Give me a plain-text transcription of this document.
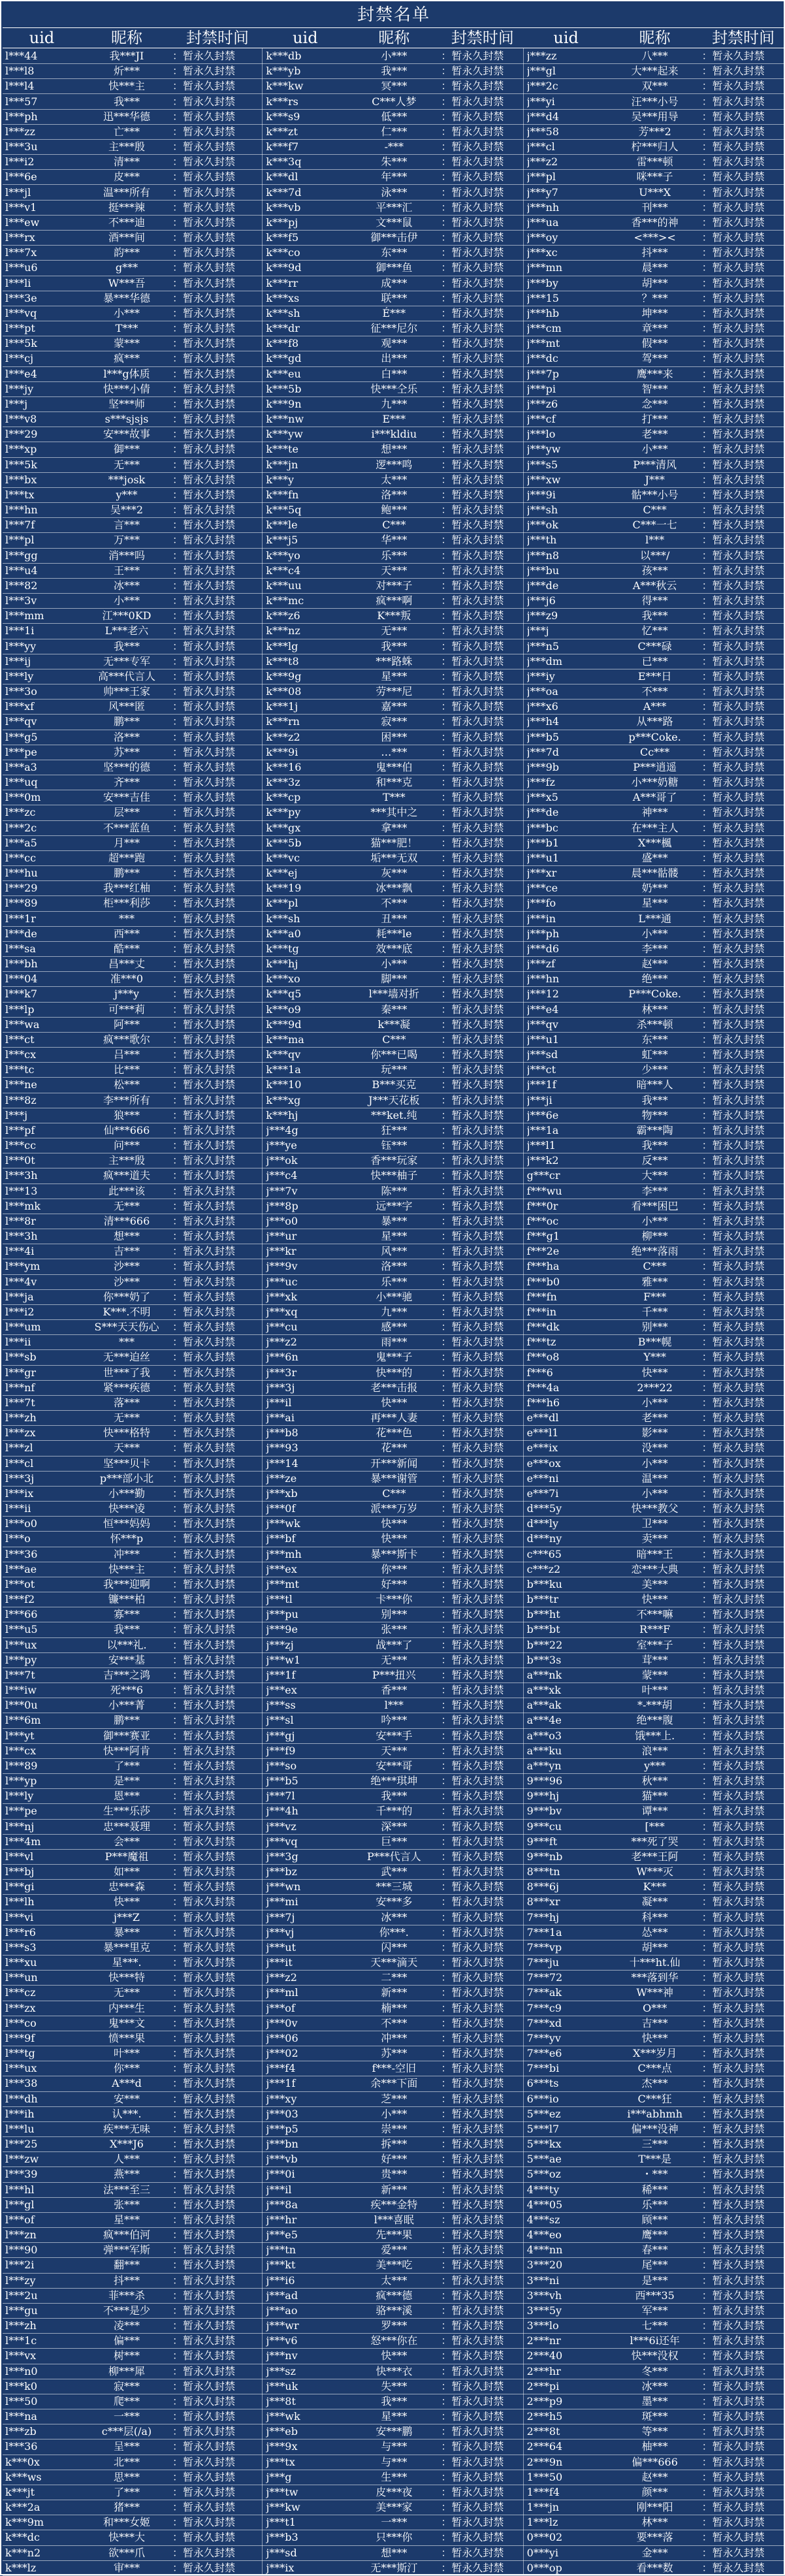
封禁名单
uid	昵称	封禁时间	uid	昵称	封禁时间	uid	昵称	封禁时间
l***44	我***JI	：暂永久封禁	k***db	小***	：暂永久封禁	j***zz	八***	：暂永久封禁
l***l8	炘***	：暂永久封禁	k***yb	我***	：暂永久封禁	j***gl	大***起来	：暂永久封禁
l***l4	快***主	：暂永久封禁	k***kw	冥***	：暂永久封禁	j***2c	双***	：暂永久封禁
l***57	我***	：暂永久封禁	k***rs	C***人梦	：暂永久封禁	j***yi	汪***小号	：暂永久封禁
l***ph	迅***华德	：暂永久封禁	k***s9	低***	：暂永久封禁	j***d4	吴***用导	：暂永久封禁
l***zz	亡***	：暂永久封禁	k***zt	仁***	：暂永久封禁	j***58	芳***2	：暂永久封禁
l***3u	主***殷	：暂永久封禁	k***f7	-***	：暂永久封禁	j***cl	柠***归人	：暂永久封禁
l***i2	清***	：暂永久封禁	k***3q	朱***	：暂永久封禁	j***z2	雷***顿	：暂永久封禁
l***6e	皮***	：暂永久封禁	k***dl	年***	：暂永久封禁	j***pl	咪***子	：暂永久封禁
l***jl	温***所有	：暂永久封禁	k***7d	泳***	：暂永久封禁	j***y7	U***X	：暂永久封禁
l***v1	挺***辣	：暂永久封禁	k***vb	平***汇	：暂永久封禁	j***nh	刊***	：暂永久封禁
l***ew	不***迪	：暂永久封禁	k***pj	文***鼠	：暂永久封禁	j***ua	香***的神	：暂永久封禁
l***rx	酒***间	：暂永久封禁	k***f5	御***击伊	：暂永久封禁	j***oy	<***><	：暂永久封禁
l***7x	韵***	：暂永久封禁	k***co	东***	：暂永久封禁	j***xc	抖***	：暂永久封禁
l***u6	g***	：暂永久封禁	k***9d	御***鱼	：暂永久封禁	j***mn	晨***	：暂永久封禁
l***li	W***吾	：暂永久封禁	k***rr	成***	：暂永久封禁	j***by	胡***	：暂永久封禁
l***3e	暴***华德	：暂永久封禁	k***xs	联***	：暂永久封禁	j***15	？***	：暂永久封禁
l***vq	小***	：暂永久封禁	k***sh	É***	：暂永久封禁	j***hb	坤***	：暂永久封禁
l***pt	T***	：暂永久封禁	k***dr	征***尼尔	：暂永久封禁	j***cm	章***	：暂永久封禁
l***5k	蒙***	：暂永久封禁	k***f8	观***	：暂永久封禁	j***mt	假***	：暂永久封禁
l***cj	疯***	：暂永久封禁	k***gd	出***	：暂永久封禁	j***dc	驾***	：暂永久封禁
l***e4	l***g体质	：暂永久封禁	k***eu	白***	：暂永久封禁	j***7p	鹰***来	：暂永久封禁
l***jy	快***小倩	：暂永久封禁	k***5b	快***仝乐	：暂永久封禁	j***pi	智***	：暂永久封禁
l***j	坚***师	：暂永久封禁	k***9n	九***	：暂永久封禁	j***z6	念***	：暂永久封禁
l***v8	s***sjsjs	：暂永久封禁	k***nw	E***	：暂永久封禁	j***cf	打***	：暂永久封禁
l***29	安***故事	：暂永久封禁	k***yw	i***kldiu	：暂永久封禁	j***lo	老***	：暂永久封禁
l***xp	御***	：暂永久封禁	k***te	想***	：暂永久封禁	j***yw	小***	：暂永久封禁
l***5k	无***	：暂永久封禁	k***jn	逻***鸣	：暂永久封禁	j***s5	P***清风	：暂永久封禁
l***bx	***josk	：暂永久封禁	k***y	太***	：暂永久封禁	j***xw	J***	：暂永久封禁
l***tx	y***	：暂永久封禁	k***fn	洛***	：暂永久封禁	j***9i	骷***小号	：暂永久封禁
l***hn	吴***2	：暂永久封禁	k***5q	鲍***	：暂永久封禁	j***sh	C***	：暂永久封禁
l***7f	言***	：暂永久封禁	k***le	C***	：暂永久封禁	j***ok	C***一七	：暂永久封禁
l***pl	万***	：暂永久封禁	k***j5	华***	：暂永久封禁	j***th	l***	：暂永久封禁
l***gg	消***吗	：暂永久封禁	k***yo	乐***	：暂永久封禁	j***n8	以***/	：暂永久封禁
l***u4	王***	：暂永久封禁	k***c4	天***	：暂永久封禁	j***bu	孩***	：暂永久封禁
l***82	冰***	：暂永久封禁	k***uu	对***子	：暂永久封禁	j***de	A***秋云	：暂永久封禁
l***3v	小***	：暂永久封禁	k***mc	疯***啊	：暂永久封禁	j***j6	得***	：暂永久封禁
l***mm	江***0KD	：暂永久封禁	k***z6	K***叛	：暂永久封禁	j***z9	我***	：暂永久封禁
l***1i	L***老六	：暂永久封禁	k***nz	无***	：暂永久封禁	j***j	忆***	：暂永久封禁
l***yy	我***	：暂永久封禁	k***lg	我***	：暂永久封禁	j***n5	C***碌	：暂永久封禁
l***ij	无***专军	：暂永久封禁	k***t8	***路蛛	：暂永久封禁	j***dm	已***	：暂永久封禁
l***ly	高***代言人	：暂永久封禁	k***9g	星***	：暂永久封禁	j***iy	E***日	：暂永久封禁
l***3o	帅***王家	：暂永久封禁	k***08	劳***尼	：暂永久封禁	j***oa	不***	：暂永久封禁
l***xf	风***匿	：暂永久封禁	k***1j	嘉***	：暂永久封禁	j***x6	A***	：暂永久封禁
l***qv	鹏***	：暂永久封禁	k***rn	寂***	：暂永久封禁	j***h4	从***路	：暂永久封禁
l***g5	洛***	：暂永久封禁	k***z2	困***	：暂永久封禁	j***b5	p***Coke.	：暂永久封禁
l***pe	苏***	：暂永久封禁	k***9i	…***	：暂永久封禁	j***7d	Cc***	：暂永久封禁
l***a3	坚***的德	：暂永久封禁	k***16	鬼***伯	：暂永久封禁	j***9b	P***逍遥	：暂永久封禁
l***uq	齐***	：暂永久封禁	k***3z	和***克	：暂永久封禁	j***fz	小***奶糖	：暂永久封禁
l***0m	安***吉佳	：暂永久封禁	k***cp	T***	：暂永久封禁	j***x5	A***哥了	：暂永久封禁
l***zc	层***	：暂永久封禁	k***py	***其中之	：暂永久封禁	j***de	神***	：暂永久封禁
l***2c	不***蓝鱼	：暂永久封禁	k***gx	拿***	：暂永久封禁	j***bc	在***主人	：暂永久封禁
l***a5	月***	：暂永久封禁	k***5b	猫***肥！	：暂永久封禁	j***b1	X***楓	：暂永久封禁
l***cc	超***跑	：暂永久封禁	k***vc	垢***无双	：暂永久封禁	j***u1	盛***	：暂永久封禁
l***hu	鹏***	：暂永久封禁	k***ej	灰***	：暂永久封禁	j***xr	晨***骷髅	：暂永久封禁
l***29	我***红柚	：暂永久封禁	k***19	冰***飘	：暂永久封禁	j***ce	奶***	：暂永久封禁
l***89	柜***利莎	：暂永久封禁	k***pl	不***	：暂永久封禁	j***fo	星***	：暂永久封禁
l***1r	***	：暂永久封禁	k***sh	丑***	：暂永久封禁	j***in	L***通	：暂永久封禁
l***de	西***	：暂永久封禁	k***a0	耗***le	：暂永久封禁	j***ph	小***	：暂永久封禁
l***sa	酷***	：暂永久封禁	k***tg	效***底	：暂永久封禁	j***d6	李***	：暂永久封禁
l***bh	昌***丈	：暂永久封禁	k***hj	小***	：暂永久封禁	j***zf	赵***	：暂永久封禁
l***04	准***0	：暂永久封禁	k***xo	脚***	：暂永久封禁	j***hn	绝***	：暂永久封禁
l***k7	j***y	：暂永久封禁	k***q5	l***墙对折	：暂永久封禁	j***12	P***Coke.	：暂永久封禁
l***lp	可***莉	：暂永久封禁	k***o9	秦***	：暂永久封禁	j***e4	林***	：暂永久封禁
l***wa	阿***	：暂永久封禁	k***9d	k***凝	：暂永久封禁	j***qv	杀***顿	：暂永久封禁
l***ct	疯***歌尔	：暂永久封禁	k***ma	C***	：暂永久封禁	j***u1	东***	：暂永久封禁
l***cx	吕***	：暂永久封禁	k***qv	你***已喝	：暂永久封禁	j***sd	虹***	：暂永久封禁
l***tc	比***	：暂永久封禁	k***1a	玩***	：暂永久封禁	j***ct	少***	：暂永久封禁
l***ne	松***	：暂永久封禁	k***10	B***买克	：暂永久封禁	j***1f	暗***人	：暂永久封禁
l***8z	李***所有	：暂永久封禁	k***xg	J***天花板	：暂永久封禁	j***ji	我***	：暂永久封禁
l***j	狼***	：暂永久封禁	k***hj	***ket.纯	：暂永久封禁	j***6e	物***	：暂永久封禁
l***pf	仙***666	：暂永久封禁	j***4g	狂***	：暂永久封禁	j***1a	霸***陶	：暂永久封禁
l***cc	问***	：暂永久封禁	j***ye	钰***	：暂永久封禁	j***l1	我***	：暂永久封禁
l***0t	主***殷	：暂永久封禁	j***ok	香***玩家	：暂永久封禁	j***k2	反***	：暂永久封禁
l***3h	疯***道夫	：暂永久封禁	j***c4	快***柚子	：暂永久封禁	g***cr	大***	：暂永久封禁
l***13	此***该	：暂永久封禁	j***7v	陈***	：暂永久封禁	f***wu	李***	：暂永久封禁
l***mk	无***	：暂永久封禁	j***8p	远***字	：暂永久封禁	f***0r	看***困巴	：暂永久封禁
l***8r	清***666	：暂永久封禁	j***o0	暴***	：暂永久封禁	f***oc	小***	：暂永久封禁
l***3h	想***	：暂永久封禁	j***ur	星***	：暂永久封禁	f***g1	柳***	：暂永久封禁
l***4i	吉***	：暂永久封禁	j***kr	风***	：暂永久封禁	f***2e	绝***落雨	：暂永久封禁
l***ym	沙***	：暂永久封禁	j***9v	洛***	：暂永久封禁	f***ha	C***	：暂永久封禁
l***4v	沙***	：暂永久封禁	j***uc	乐***	：暂永久封禁	f***b0	雅***	：暂永久封禁
l***ja	你***奶了	：暂永久封禁	j***xk	小***驰	：暂永久封禁	f***fn	F***	：暂永久封禁
l***i2	K***.不明	：暂永久封禁	j***xq	九***	：暂永久封禁	f***in	千***	：暂永久封禁
l***um	S***天天伤心	：暂永久封禁	j***cu	感***	：暂永久封禁	f***dk	别***	：暂永久封禁
l***ii	***	：暂永久封禁	j***z2	雨***	：暂永久封禁	f***tz	B***幌	：暂永久封禁
l***sb	无***迫丝	：暂永久封禁	j***6n	鬼***子	：暂永久封禁	f***o8	Y***	：暂永久封禁
l***gr	世***了我	：暂永久封禁	j***3r	快***的	：暂永久封禁	f***6	快***	：暂永久封禁
l***nf	紧***疾德	：暂永久封禁	j***3j	老***击报	：暂永久封禁	f***4a	2***22	：暂永久封禁
l***7t	落***	：暂永久封禁	j***il	快***	：暂永久封禁	f***h6	小***	：暂永久封禁
l***zh	无***	：暂永久封禁	j***ai	再***人妻	：暂永久封禁	e***dl	老***	：暂永久封禁
l***zx	快***格特	：暂永久封禁	j***b8	花***色	：暂永久封禁	e***l1	影***	：暂永久封禁
l***zl	天***	：暂永久封禁	j***93	花***	：暂永久封禁	e***ix	没***	：暂永久封禁
l***cl	坚***贝卡	：暂永久封禁	j***14	开***新闻	：暂永久封禁	e***ox	小***	：暂永久封禁
l***3j	p***部小北	：暂永久封禁	j***ze	暴***谢管	：暂永久封禁	e***ni	温***	：暂永久封禁
l***ix	小***勤	：暂永久封禁	j***xb	C***	：暂永久封禁	e***7i	小***	：暂永久封禁
l***ii	快***凌	：暂永久封禁	j***0f	派***万岁	：暂永久封禁	d***5y	快***教父	：暂永久封禁
l***o0	恒***妈妈	：暂永久封禁	j***wk	快***	：暂永久封禁	d***ly	卫***	：暂永久封禁
l***o	怀***p	：暂永久封禁	j***bf	快***	：暂永久封禁	d***ny	卖***	：暂永久封禁
l***36	冲***	：暂永久封禁	j***mh	暴***斯卡	：暂永久封禁	c***65	暗***王	：暂永久封禁
l***ae	快***主	：暂永久封禁	j***ex	你***	：暂永久封禁	c***z2	恋***大典	：暂永久封禁
l***ot	我***迎啊	：暂永久封禁	j***mt	好***	：暂永久封禁	b***ku	美***	：暂永久封禁
l***f2	镰***柏	：暂永久封禁	j***tl	卡***你	：暂永久封禁	b***tr	快***	：暂永久封禁
l***66	寡***	：暂永久封禁	j***pu	别***	：暂永久封禁	b***ht	不***嘛	：暂永久封禁
l***u5	我***	：暂永久封禁	j***9e	张***	：暂永久封禁	b***bt	R***F	：暂永久封禁
l***ux	以***礼.	：暂永久封禁	j***zj	战***了	：暂永久封禁	b***22	室***子	：暂永久封禁
l***py	安***基	：暂永久封禁	j***w1	无***	：暂永久封禁	b***3s	茸***	：暂永久封禁
l***7t	吉***之鸿	：暂永久封禁	j***1f	P***扭兴	：暂永久封禁	a***nk	蒙***	：暂永久封禁
l***iw	死***6	：暂永久封禁	j***ex	香***	：暂永久封禁	a***xk	叶***	：暂永久封禁
l***0u	小***菁	：暂永久封禁	j***ss	l***	：暂永久封禁	a***ak	*-***胡	：暂永久封禁
l***6m	鹏***	：暂永久封禁	j***sl	吟***	：暂永久封禁	a***4e	绝***腹	：暂永久封禁
l***yt	御***赛亚	：暂永久封禁	j***gj	安***手	：暂永久封禁	a***o3	饿***上.	：暂永久封禁
l***cx	快***阿肯	：暂永久封禁	j***f9	天***	：暂永久封禁	a***ku	浪***	：暂永久封禁
l***89	了***	：暂永久封禁	j***so	安***哥	：暂永久封禁	a***yn	y***	：暂永久封禁
l***yp	是***	：暂永久封禁	j***b5	绝***琪坤	：暂永久封禁	9***96	秋***	：暂永久封禁
l***ly	恩***	：暂永久封禁	j***7l	我***	：暂永久封禁	9***hj	猫***	：暂永久封禁
l***pe	生***乐莎	：暂永久封禁	j***4h	千***的	：暂永久封禁	9***bv	谭***	：暂永久封禁
l***nj	忠***聂理	：暂永久封禁	j***vz	深***	：暂永久封禁	9***cu	[***	：暂永久封禁
l***4m	会***	：暂永久封禁	j***vq	巨***	：暂永久封禁	9***ft	***死了哭	：暂永久封禁
l***vl	P***魔祖	：暂永久封禁	j***3g	P***代言人	：暂永久封禁	9***nb	老***王阿	：暂永久封禁
l***bj	如***	：暂永久封禁	j***bz	武***	：暂永久封禁	8***tn	W***灭	：暂永久封禁
l***gi	忠***森	：暂永久封禁	j***wn	***三城	：暂永久封禁	8***6j	K***	：暂永久封禁
l***lh	快***	：暂永久封禁	j***mi	安***多	：暂永久封禁	8***xr	凝***	：暂永久封禁
l***vi	j***Z	：暂永久封禁	j***7j	冰***	：暂永久封禁	7***hj	科***	：暂永久封禁
l***r6	暴***	：暂永久封禁	j***vj	你***.	：暂永久封禁	7***1a	怂***	：暂永久封禁
l***s3	暴***里克	：暂永久封禁	j***ut	闪***	：暂永久封禁	7***vp	胡***	：暂永久封禁
l***xu	星***.	：暂永久封禁	j***it	天***滴天	：暂永久封禁	7***ju	十***ht.仙	：暂永久封禁
l***un	快***特	：暂永久封禁	j***z2	二***	：暂永久封禁	7***72	***落到华	：暂永久封禁
l***cz	无***	：暂永久封禁	j***ml	新***	：暂永久封禁	7***ak	W***神	：暂永久封禁
l***zx	内***生	：暂永久封禁	j***of	楠***	：暂永久封禁	7***c9	O***	：暂永久封禁
l***co	鬼***文	：暂永久封禁	j***0v	不***	：暂永久封禁	7***xd	吉***	：暂永久封禁
l***9f	愤***果	：暂永久封禁	j***06	冲***	：暂永久封禁	7***yv	快***	：暂永久封禁
l***tg	叶***	：暂永久封禁	j***02	苏***	：暂永久封禁	7***e6	X***岁月	：暂永久封禁
l***ux	你***	：暂永久封禁	j***f4	f***-空旧	：暂永久封禁	7***bi	C***点	：暂永久封禁
l***38	A***d	：暂永久封禁	j***1f	余***下面	：暂永久封禁	6***ts	杰***	：暂永久封禁
l***dh	安***	：暂永久封禁	j***xy	芝***	：暂永久封禁	6***io	C***狂	：暂永久封禁
l***ih	认***.	：暂永久封禁	j***03	小***	：暂永久封禁	5***ez	i***abhmh	：暂永久封禁
l***lu	疾***无味	：暂永久封禁	j***p5	崇***	：暂永久封禁	5***l7	偏***没神	：暂永久封禁
l***25	X***J6	：暂永久封禁	j***bn	拆***	：暂永久封禁	5***kx	三***	：暂永久封禁
l***zw	人***	：暂永久封禁	j***vb	好***	：暂永久封禁	5***ae	T***是	：暂永久封禁
l***39	燕***	：暂永久封禁	j***0i	贵***	：暂永久封禁	5***oz	・***	：暂永久封禁
l***hl	法***至三	：暂永久封禁	j***il	新***	：暂永久封禁	4***ty	稀***	：暂永久封禁
l***gl	张***	：暂永久封禁	j***8a	疾***金特	：暂永久封禁	4***05	乐***	：暂永久封禁
l***of	星***	：暂永久封禁	j***hr	l***喜眠	：暂永久封禁	4***sz	顾***	：暂永久封禁
l***zn	疯***伯河	：暂永久封禁	j***e5	先***果	：暂永久封禁	4***eo	鹰***	：暂永久封禁
l***90	弹***军斯	：暂永久封禁	j***tn	爱***	：暂永久封禁	4***nn	春***	：暂永久封禁
l***2i	翻***	：暂永久封禁	j***kt	美***吃	：暂永久封禁	3***20	尾***	：暂永久封禁
l***zy	抖***	：暂永久封禁	j***i6	太***	：暂永久封禁	3***ni	是***	：暂永久封禁
l***2u	菲***杀	：暂永久封禁	j***ad	疯***德	：暂永久封禁	3***vh	西***35	：暂永久封禁
l***gu	不***是少	：暂永久封禁	j***ao	骆***溪	：暂永久封禁	3***5y	军***	：暂永久封禁
l***zh	凌***	：暂永久封禁	j***wr	罗***	：暂永久封禁	3***lo	七***	：暂永久封禁
l***1c	偏***	：暂永久封禁	j***v6	怒***你在	：暂永久封禁	2***nr	l***6i还年	：暂永久封禁
l***vx	树***	：暂永久封禁	j***nv	快***	：暂永久封禁	2***40	快***没权	：暂永久封禁
l***n0	柳***犀	：暂永久封禁	j***sz	快***衣	：暂永久封禁	2***hr	冬***	：暂永久封禁
l***k0	寂***	：暂永久封禁	j***uk	失***	：暂永久封禁	2***pi	冰***	：暂永久封禁
l***50	爬***	：暂永久封禁	j***8t	我***	：暂永久封禁	2***p9	墨***	：暂永久封禁
l***na	一***	：暂永久封禁	j***wk	星***	：暂永久封禁	2***h5	斑***	：暂永久封禁
l***zb	c***层(/a)	：暂永久封禁	j***eb	安***鹏	：暂永久封禁	2***8t	等***	：暂永久封禁
l***36	呈***	：暂永久封禁	j***9x	与***	：暂永久封禁	2***64	柚***	：暂永久封禁
k***0x	北***	：暂永久封禁	j***tx	与***	：暂永久封禁	2***9n	偏***666	：暂永久封禁
k***ws	思***	：暂永久封禁	j***g	生***	：暂永久封禁	1***50	赵***	：暂永久封禁
k***jt	了***	：暂永久封禁	j***tw	皮***夜	：暂永久封禁	1***f4	颜***	：暂永久封禁
k***2a	猪***	：暂永久封禁	j***kw	美***家	：暂永久封禁	1***jn	刚***阳	：暂永久封禁
k***9m	和***女姬	：暂永久封禁	j***t1	一***	：暂永久封禁	1***lz	林***	：暂永久封禁
k***dc	快***大	：暂永久封禁	j***b3	只***你	：暂永久封禁	0***02	要***落	：暂永久封禁
k***n2	欲***爪	：暂永久封禁	j***sd	想***	：暂永久封禁	0***yi	金***	：暂永久封禁
k***lz	审***	：暂永久封禁	j***ix	无***斯汀	：暂永久封禁	0***op	看***数	：暂永久封禁
